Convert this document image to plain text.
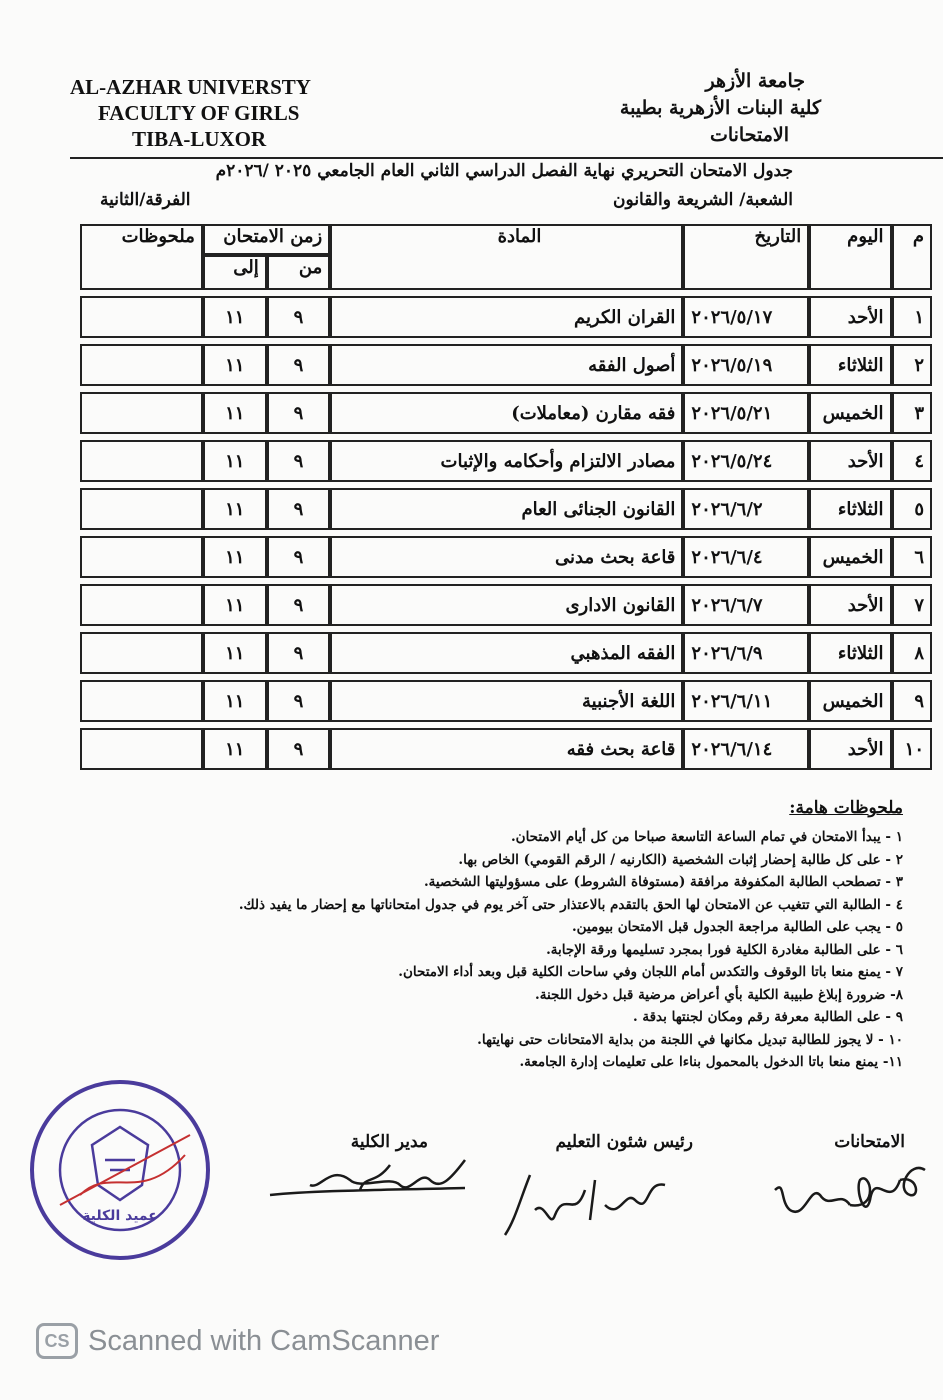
AL-AZHAR UNIVERSTY
FACULTY OF GIRLS
TIBA-LUXOR
جامعة الأزهر
كلية البنات الأزهرية بطيبة
الامتحانات
جدول الامتحان التحريري نهاية الفصل الدراسي الثاني العام الجامعي ٢٠٢٥ /٢٠٢٦م
الشعبة/ الشريعة والقانون
الفرقة/الثانية
م	اليوم	التاريخ	المادة	زمن الامتحان		ملحوظات
				من	إلى	

١	الأحد	٢٠٢٦/٥/١٧	القران الكريم	٩	١١	

٢	الثلاثاء	٢٠٢٦/٥/١٩	أصول الفقه	٩	١١	

٣	الخميس	٢٠٢٦/٥/٢١	فقه مقارن (معاملات)	٩	١١	

٤	الأحد	٢٠٢٦/٥/٢٤	مصادر الالتزام وأحكامه والإثبات	٩	١١	

٥	الثلاثاء	٢٠٢٦/٦/٢	القانون الجنائى العام	٩	١١	

٦	الخميس	٢٠٢٦/٦/٤	قاعة بحث مدنى	٩	١١	

٧	الأحد	٢٠٢٦/٦/٧	القانون الادارى	٩	١١	

٨	الثلاثاء	٢٠٢٦/٦/٩	الفقه المذهبي	٩	١١	

٩	الخميس	٢٠٢٦/٦/١١	اللغة الأجنبية	٩	١١	

١٠	الأحد	٢٠٢٦/٦/١٤	قاعة بحث فقه	٩	١١	
ملحوظات هامة:
١ - يبدأ الامتحان في تمام الساعة التاسعة صباحا من كل أيام الامتحان.
٢ - على كل طالبة إحضار إثبات الشخصية (الكارنيه / الرقم القومي) الخاص بها.
٣ - تصطحب الطالبة المكفوفة مرافقة (مستوفاة الشروط) على مسؤوليتها الشخصية.
٤ - الطالبة التي تتغيب عن الامتحان لها الحق بالتقدم بالاعتذار حتى آخر يوم في جدول امتحاناتها مع إحضار ما يفيد ذلك.
٥ - يجب على الطالبة مراجعة الجدول قبل الامتحان بيومين.
٦ - على الطالبة مغادرة الكلية فورا بمجرد تسليمها ورقة الإجابة.
٧ - يمنع منعا باتا الوقوف والتكدس أمام اللجان وفي ساحات الكلية قبل وبعد أداء الامتحان.
٨- ضرورة إبلاغ طبيبة الكلية بأي أعراض مرضية قبل دخول اللجنة.
٩ - على الطالبة معرفة رقم ومكان لجنتها بدقة .
١٠ - لا يجوز للطالبة تبديل مكانها في اللجنة من بداية الامتحانات حتى نهايتها.
١١- يمنع منعا باتا الدخول بالمحمول بناءا على تعليمات إدارة الجامعة.
الامتحانات
رئيس شئون التعليم
مدير الكلية
عميد الكلية
CS Scanned with CamScanner
